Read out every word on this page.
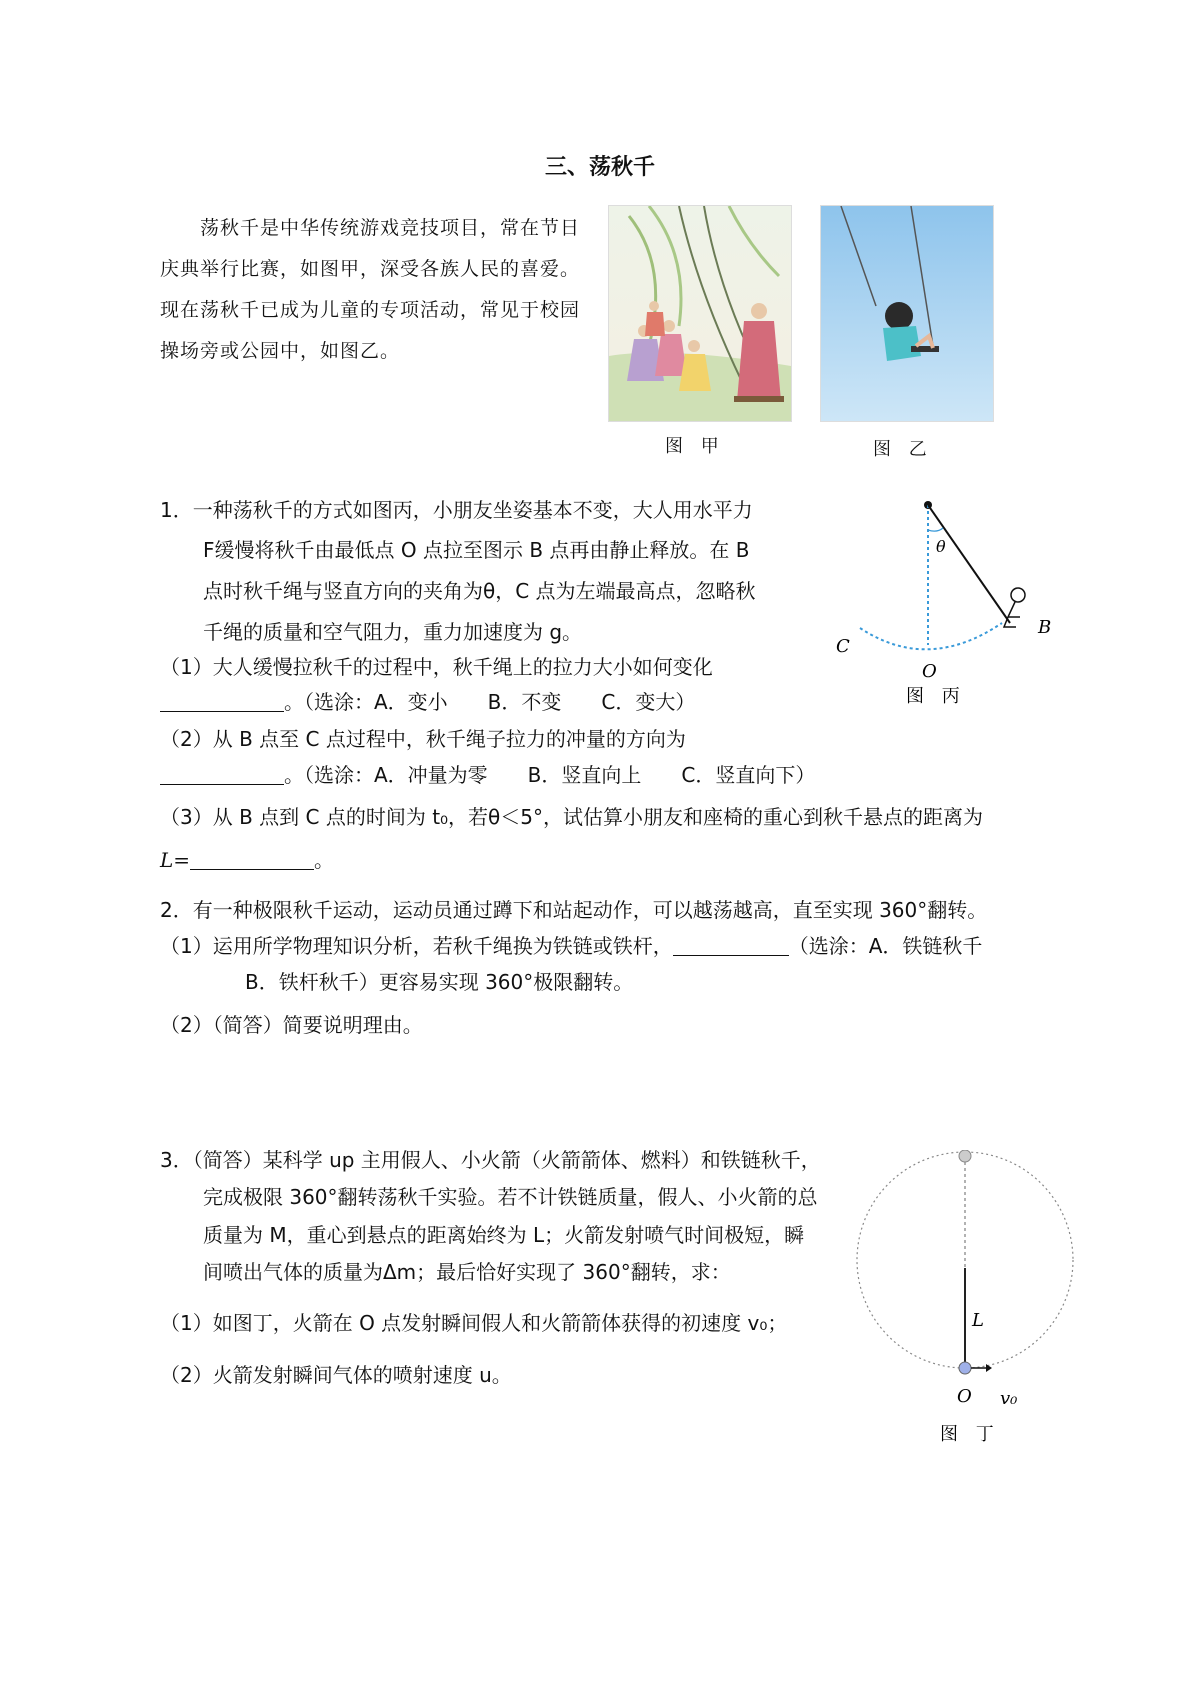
三、荡秋千
荡秋千是中华传统游戏竞技项目，常在节日庆典举行比赛，如图甲，深受各族人民的喜爱。现在荡秋千已成为儿童的专项活动，常见于校园操场旁或公园中，如图乙。
图 甲	图 乙
1．一种荡秋千的方式如图丙，小朋友坐姿基本不变，大人用水平力
F缓慢将秋千由最低点 O 点拉至图示 B 点再由静止释放。在 B
点时秋千绳与竖直方向的夹角为θ，C 点为左端最高点，忽略秋
千绳的质量和空气阻力，重力加速度为 g。
（1）大人缓慢拉秋千的过程中，秋千绳上的拉力大小如何变化
。（选涂：A．变小　　B．不变　　C．变大）
（2）从 B 点至 C 点过程中，秋千绳子拉力的冲量的方向为
。（选涂：A．冲量为零　　B．竖直向上　　C．竖直向下）
（3）从 B 点到 C 点的时间为 t₀，若θ＜5°，试估算小朋友和座椅的重心到秋千悬点的距离为
L=	。
θ
B
C
O
图 丙
2．有一种极限秋千运动，运动员通过蹲下和站起动作，可以越荡越高，直至实现 360°翻转。
（1）运用所学物理知识分析，若秋千绳换为铁链或铁杆，	（选涂：A．铁链秋千
B．铁杆秋千）更容易实现 360°极限翻转。
（2）（简答）简要说明理由。
3．（简答）某科学 up 主用假人、小火箭（火箭箭体、燃料）和铁链秋千，
完成极限 360°翻转荡秋千实验。若不计铁链质量，假人、小火箭的总
质量为 M，重心到悬点的距离始终为 L；火箭发射喷气时间极短，瞬
间喷出气体的质量为Δm；最后恰好实现了 360°翻转，求：
（1）如图丁，火箭在 O 点发射瞬间假人和火箭箭体获得的初速度 v₀；
（2）火箭发射瞬间气体的喷射速度 u。
L
O v₀
图 丁
